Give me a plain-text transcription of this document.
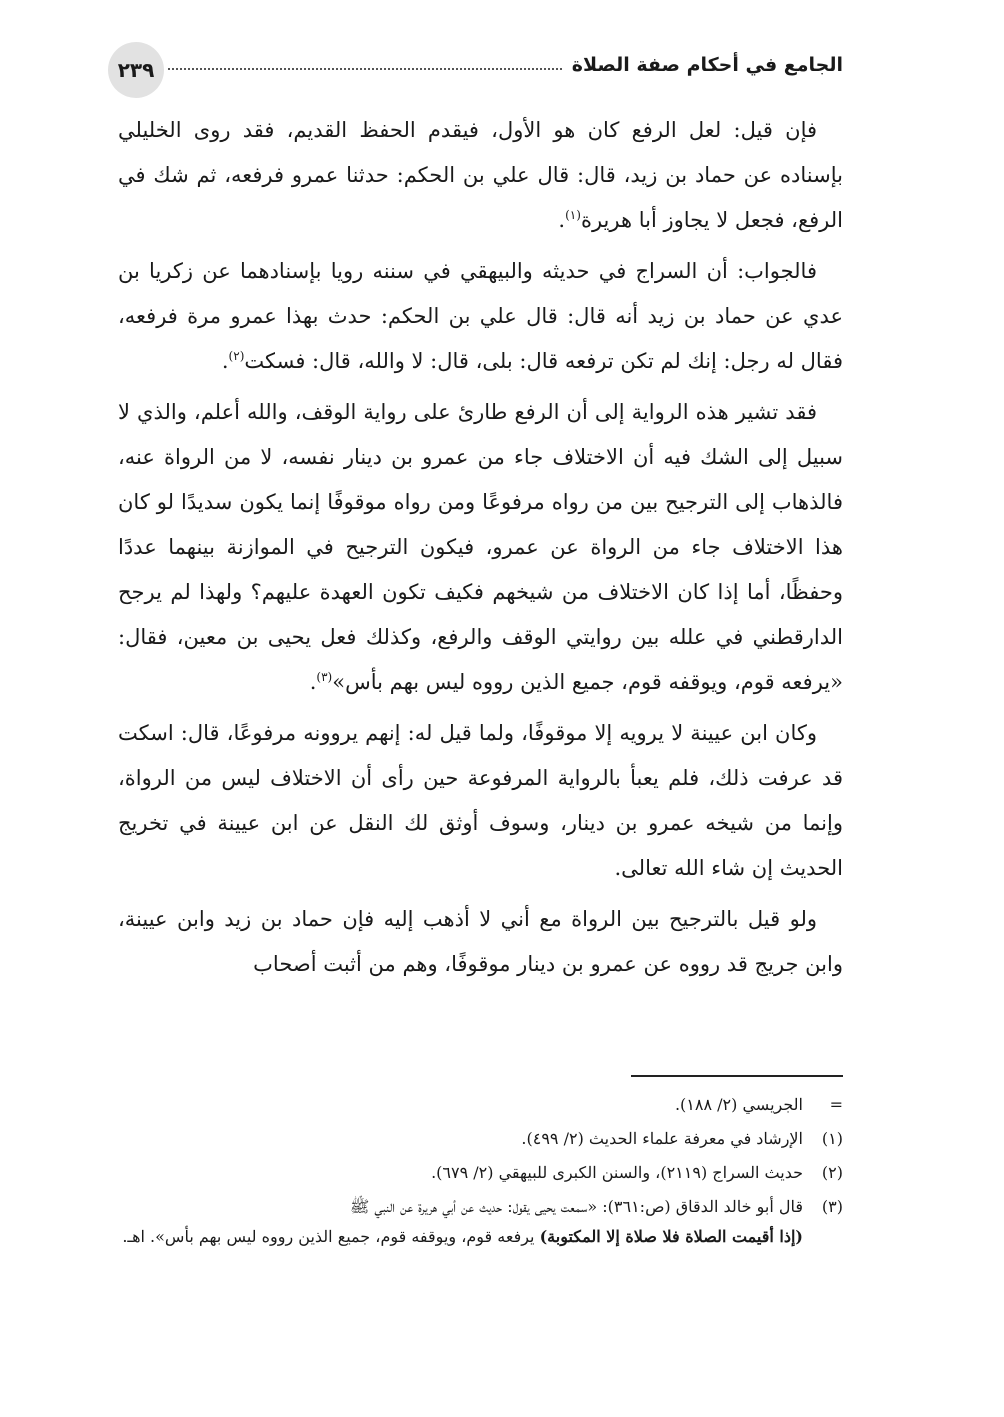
الجامع في أحكام صفة الصلاة
٢٣٩

فإن قيل: لعل الرفع كان هو الأول، فيقدم الحفظ القديم، فقد روى الخليلي بإسناده عن حماد بن زيد، قال: قال علي بن الحكم: حدثنا عمرو فرفعه، ثم شك في الرفع، فجعل لا يجاوز أبا هريرة$^{(١)}$.

فالجواب: أن السراج في حديثه والبيهقي في سننه رويا بإسنادهما عن زكريا بن عدي عن حماد بن زيد أنه قال: قال علي بن الحكم: حدث بهذا عمرو مرة فرفعه، فقال له رجل: إنك لم تكن ترفعه قال: بلى، قال: لا والله، قال: فسكت$^{(٢)}$.

فقد تشير هذه الرواية إلى أن الرفع طارئ على رواية الوقف، والله أعلم، والذي لا سبيل إلى الشك فيه أن الاختلاف جاء من عمرو بن دينار نفسه، لا من الرواة عنه، فالذهاب إلى الترجيح بين من رواه مرفوعًا ومن رواه موقوفًا إنما يكون سديدًا لو كان هذا الاختلاف جاء من الرواة عن عمرو، فيكون الترجيح في الموازنة بينهما عددًا وحفظًا، أما إذا كان الاختلاف من شيخهم فكيف تكون العهدة عليهم؟ ولهذا لم يرجح الدارقطني في علله بين روايتي الوقف والرفع، وكذلك فعل يحيى بن معين، فقال: «يرفعه قوم، ويوقفه قوم، جميع الذين رووه ليس بهم بأس»$^{(٣)}$.

وكان ابن عيينة لا يرويه إلا موقوفًا، ولما قيل له: إنهم يروونه مرفوعًا، قال: اسكت قد عرفت ذلك، فلم يعبأ بالرواية المرفوعة حين رأى أن الاختلاف ليس من الرواة، وإنما من شيخه عمرو بن دينار، وسوف أوثق لك النقل عن ابن عيينة في تخريج الحديث إن شاء الله تعالى.

ولو قيل بالترجيح بين الرواة مع أني لا أذهب إليه فإن حماد بن زيد وابن عيينة، وابن جريج قد رووه عن عمرو بن دينار موقوفًا، وهم من أثبت أصحاب

=
الجريسي (٢/ ١٨٨).
(١)
الإرشاد في معرفة علماء الحديث (٢/ ٤٩٩).
(٢)
حديث السراج (٢١١٩)، والسنن الكبرى للبيهقي (٢/ ٦٧٩).
(٣)
قال أبو خالد الدقاق (ص:٣٦١): «سمعت يحيى يقول: حديث عن أبي هريرة عن النبي ﷺ
(إذا أقيمت الصلاة فلا صلاة إلا المكتوبة) يرفعه قوم، ويوقفه قوم، جميع الذين رووه ليس بهم بأس». اهـ.
